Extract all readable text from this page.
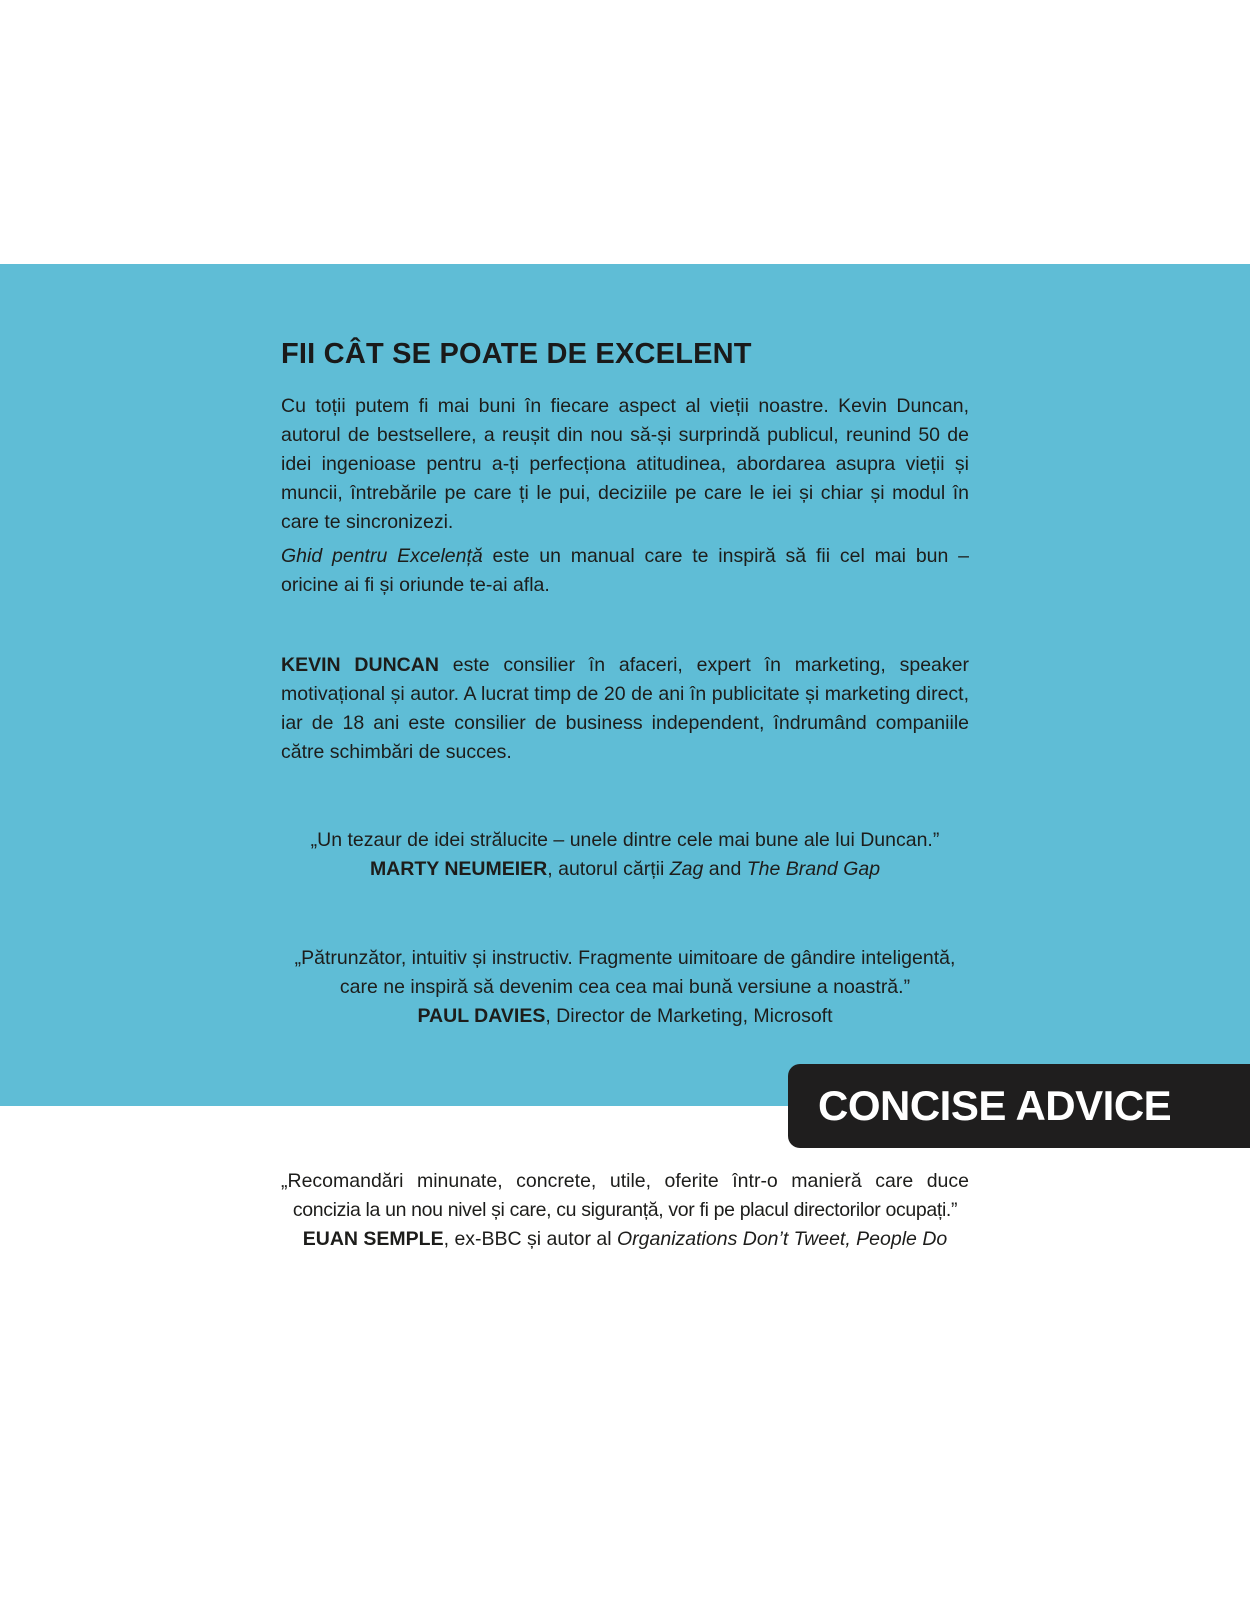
FII CÂT SE POATE DE EXCELENT

Cu toții putem fi mai buni în fiecare aspect al vieții noastre. Kevin Duncan, autorul de bestsellere, a reușit din nou să-și surprindă publicul, reunind 50 de idei ingenioase pentru a-ți perfecționa atitudinea, abordarea asupra vieții și muncii, întrebările pe care ți le pui, deciziile pe care le iei și chiar și modul în care te sincronizezi.

Ghid pentru Excelență este un manual care te inspiră să fii cel mai bun – oricine ai fi și oriunde te-ai afla.

KEVIN DUNCAN este consilier în afaceri, expert în marketing, speaker motivațional și autor. A lucrat timp de 20 de ani în publicitate și marketing direct, iar de 18 ani este consilier de business independent, îndrumând companiile către schimbări de succes.

„Un tezaur de idei strălucite – unele dintre cele mai bune ale lui Duncan.”
MARTY NEUMEIER, autorul cărții Zag and The Brand Gap
„Pătrunzător, intuitiv și instructiv. Fragmente uimitoare de gândire inteligentă,
care ne inspiră să devenim cea cea mai bună versiune a noastră.”
PAUL DAVIES, Director de Marketing, Microsoft
CONCISE ADVICE
„Recomandări minunate, concrete, utile, oferite într-o manieră care duce
concizia la un nou nivel și care, cu siguranță, vor fi pe placul directorilor ocupați.”
EUAN SEMPLE, ex-BBC și autor al Organizations Don’t Tweet, People Do
